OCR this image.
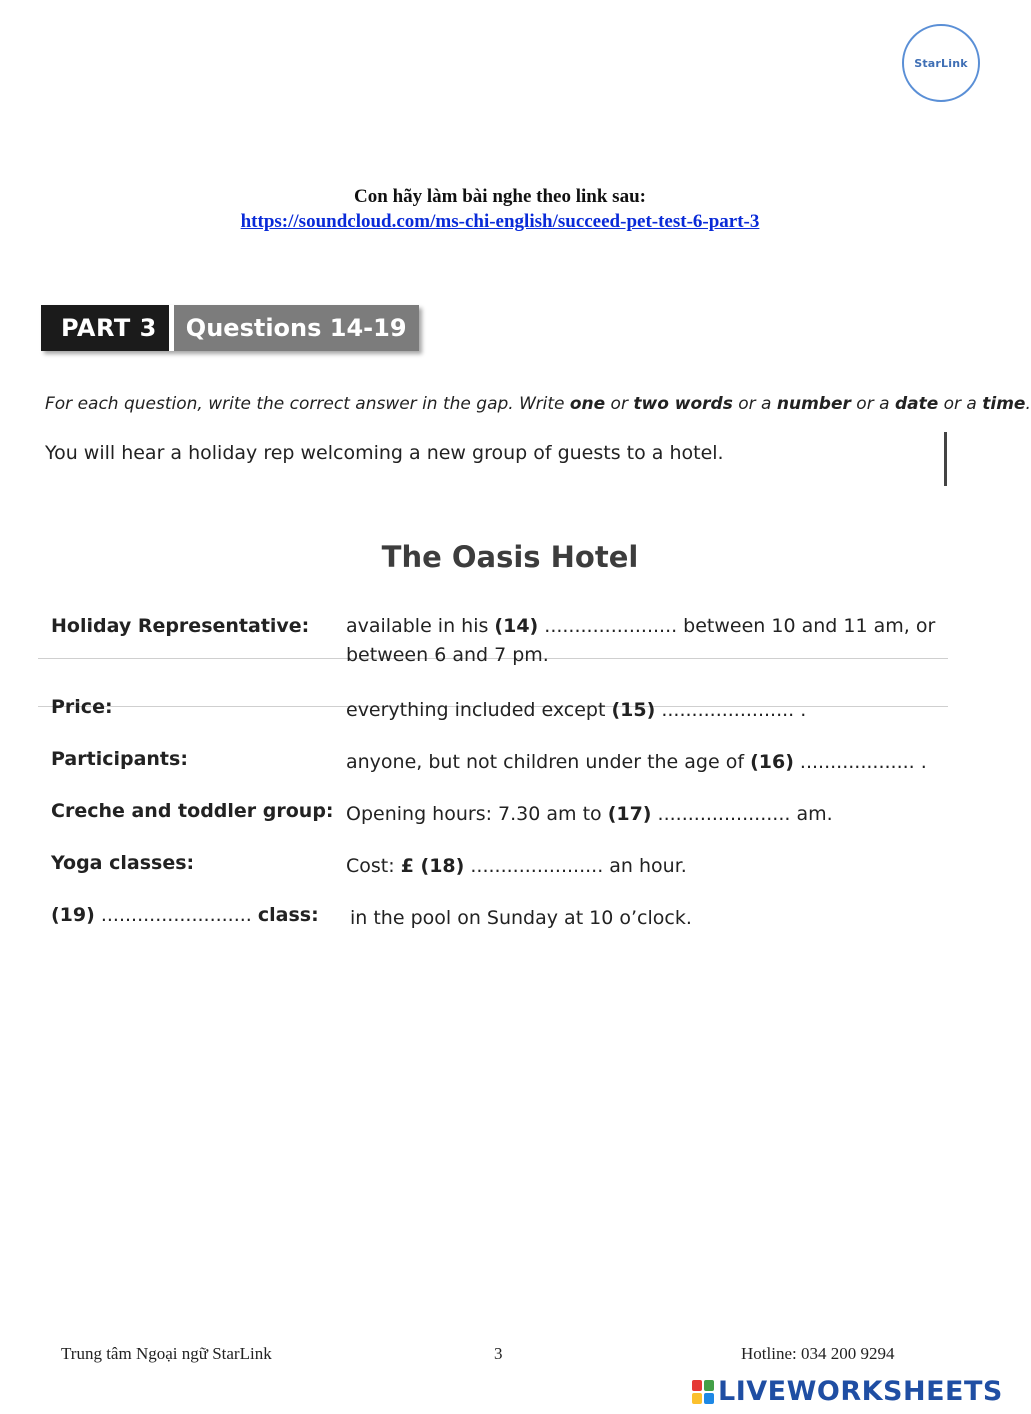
StarLink
Con hãy làm bài nghe theo link sau:
https://soundcloud.com/ms-chi-english/succeed-pet-test-6-part-3
PART 3	Questions 14-19
For each question, write the correct answer in the gap. Write one or two words or a number or a date or a time.
You will hear a holiday rep welcoming a new group of guests to a hotel.
The Oasis Hotel
Holiday Representative: available in his (14) ...................... between 10 and 11 am, or between 6 and 7 pm.
Price:	everything included except (15) ...................... .
Participants:	anyone, but not children under the age of (16) ................... .
Creche and toddler group: Opening hours: 7.30 am to (17) ...................... am.
Yoga classes:	Cost: £ (18) ...................... an hour.
(19) ......................... class: in the pool on Sunday at 10 o’clock.
Trung tâm Ngoại ngữ StarLink	3	Hotline: 034 200 9294
LIVEWORKSHEETS
